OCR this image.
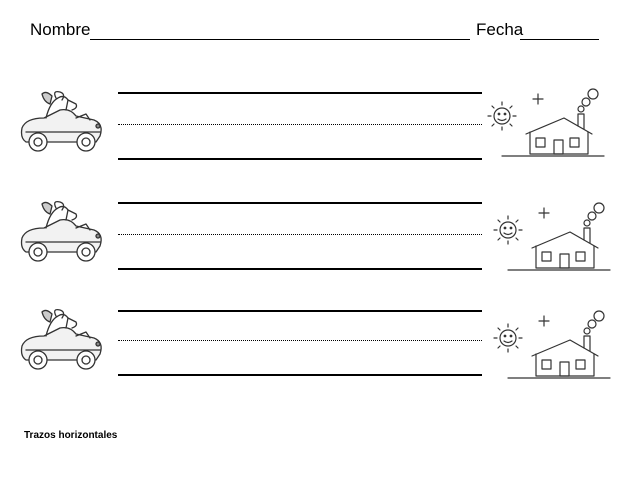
Nombre	Fecha
Trazos horizontales
